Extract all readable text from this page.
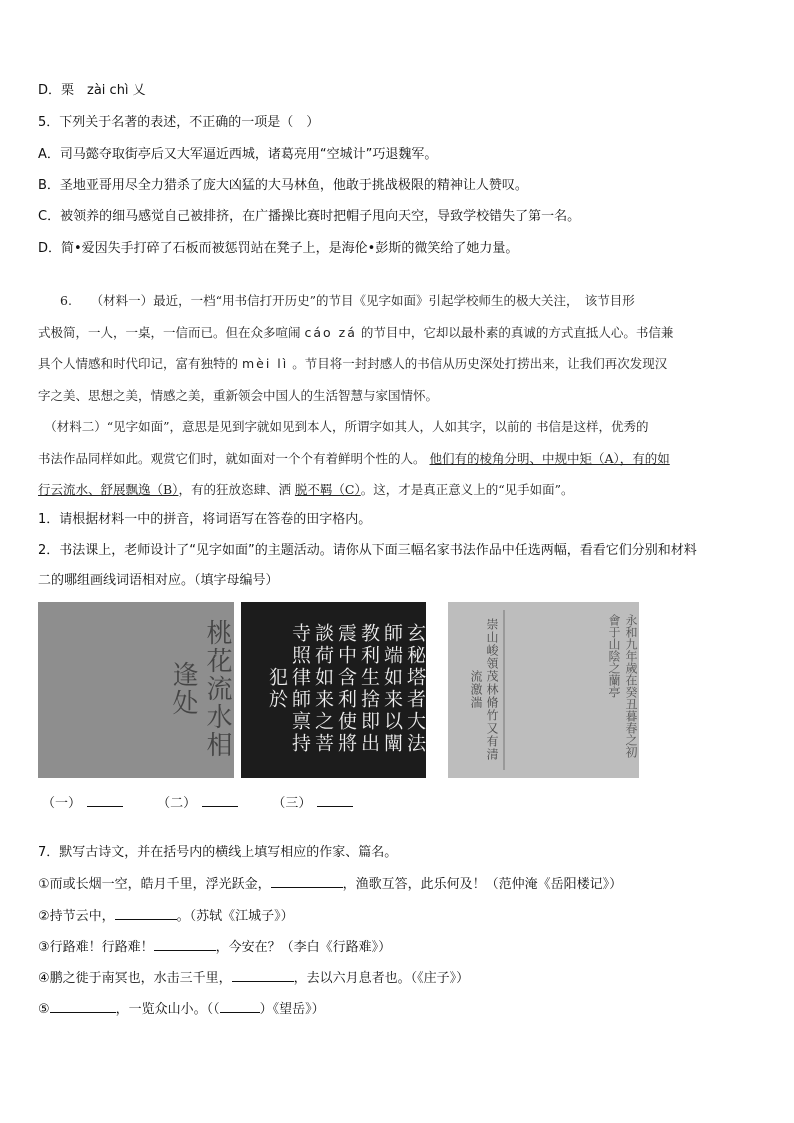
D．栗　zài chì 乂
5．下列关于名著的表述，不正确的一项是（　）
A．司马懿夺取街亭后又大军逼近西城，诸葛亮用“空城计”巧退魏军。
B．圣地亚哥用尽全力猎杀了庞大凶猛的大马林鱼，他敢于挑战极限的精神让人赞叹。
C．被领养的细马感觉自己被排挤，在广播操比赛时把帽子甩向天空，导致学校错失了第一名。
D．简•爱因失手打碎了石板而被惩罚站在凳子上，是海伦•彭斯的微笑给了她力量。

6.　　（材料一）最近，一档“用书信打开历史”的节目《见字如面》引起学校师生的极大关注，　该节目形

式极简，一人，一桌，一信而已。但在众多喧闹 cáo zá 的节目中，它却以最朴素的真诚的方式直抵人心。书信兼

具个人情感和时代印记，富有独特的 mèi lì 。节目将一封封感人的书信从历史深处打捞出来，让我们再次发现汉

字之美、思想之美，情感之美，重新领会中国人的生活智慧与家国情怀。

　（材料二）“见字如面”，意思是见到字就如见到本人，所谓字如其人，人如其字，以前的 书信是这样，优秀的

书法作品同样如此。观赏它们时，就如面对一个个有着鲜明个性的人。 他们有的棱角分明、中规中矩（A），有的如

行云流水、舒展飘逸（B），有的狂放恣肆、洒 脱不羁（C）。这，才是真正意义上的“见手如面”。

1．请根据材料一中的拼音，将词语写在答卷的田字格内。
2．书法课上，老师设计了“见字如面”的主题活动。请你从下面三幅名家书法作品中任选两幅，看看它们分别和材料
二的哪组画线词语相对应。（填字母编号）
桃花流水相逢处	玄秘塔者大法師端如来以闡教利生捨即出震中含利使將談荷如来之菩寺照律師禀持犯於	崇山峻領茂林脩竹又有清流激湍	永和九年歲在癸丑暮春之初會于山陰之蘭亭
（一）	（二）	（三）
7．默写古诗文，并在括号内的横线上填写相应的作家、篇名。
①而或长烟一空，皓月千里，浮光跃金，	，渔歌互答，此乐何及！（范仲淹《岳阳楼记》）
②持节云中，	。（苏轼《江城子》）
③行路难！行路难！	，今安在？（李白《行路难》）
④鹏之徙于南冥也，水击三千里，	，去以六月息者也。（《庄子》）
⑤	，一览众山小。（（	）《望岳》）
